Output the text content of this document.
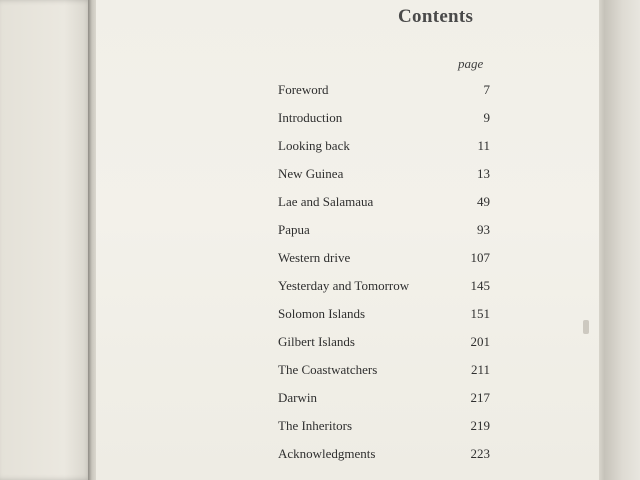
Contents
page
Foreword	7
Introduction	9
Looking back	11
New Guinea	13
Lae and Salamaua	49
Papua	93
Western drive	107
Yesterday and Tomorrow	145
Solomon Islands	151
Gilbert Islands	201
The Coastwatchers	211
Darwin	217
The Inheritors	219
Acknowledgments	223
